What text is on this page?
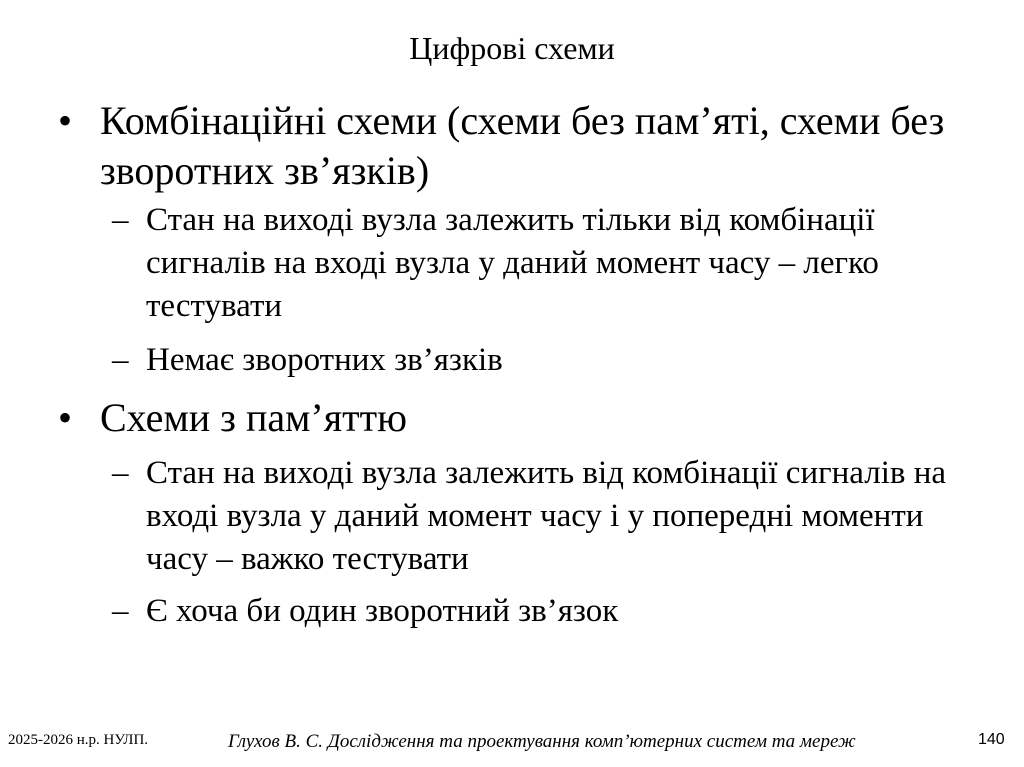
Цифрові схеми
• Комбінаційні схеми (схеми без пам’яті, схеми без зворотних зв’язків)
– Стан на виході вузла залежить тільки від комбінації сигналів на вході вузла у даний момент часу – легко тестувати
– Немає зворотних зв’язків
• Схеми з пам’яттю
– Стан на виході вузла залежить від комбінації сигналів на вході вузла у даний момент часу і у попередні моменти часу – важко тестувати
– Є хоча би один зворотний зв’язок
2025-2026 н.р. НУЛП.	Глухов В. С. Дослідження та проектування комп’ютерних систем та мереж	140
